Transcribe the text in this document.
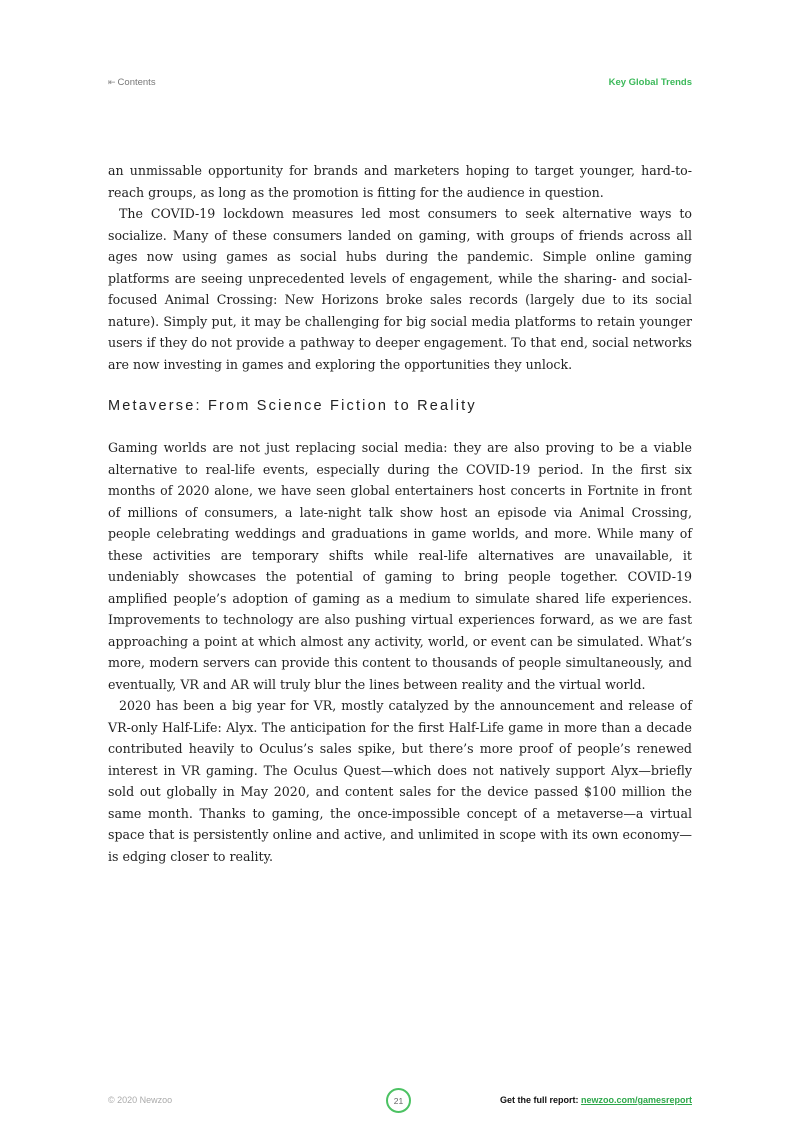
⇤ Contents	Key Global Trends

an unmissable opportunity for brands and marketers hoping to target younger, hard-to-reach groups, as long as the promotion is fitting for the audience in question.

The COVID-19 lockdown measures led most consumers to seek alternative ways to socialize. Many of these consumers landed on gaming, with groups of friends across all ages now using games as social hubs during the pandemic. Simple online gaming platforms are seeing unprecedented levels of engagement, while the sharing- and social-focused Animal Crossing: New Horizons broke sales records (largely due to its social nature). Simply put, it may be challenging for big social media platforms to retain younger users if they do not provide a pathway to deeper engagement. To that end, social networks are now investing in games and exploring the opportunities they unlock.

Metaverse: From Science Fiction to Reality

Gaming worlds are not just replacing social media: they are also proving to be a viable alternative to real-life events, especially during the COVID-19 period. In the first six months of 2020 alone, we have seen global entertainers host concerts in Fortnite in front of millions of consumers, a late-night talk show host an episode via Animal Crossing, people celebrating weddings and graduations in game worlds, and more. While many of these activities are temporary shifts while real-life alternatives are unavailable, it undeniably showcases the potential of gaming to bring people together. COVID-19 amplified people’s adoption of gaming as a medium to simulate shared life experiences. Improvements to technology are also pushing virtual experiences forward, as we are fast approaching a point at which almost any activity, world, or event can be simulated. What’s more, modern servers can provide this content to thousands of people simultaneously, and eventually, VR and AR will truly blur the lines between reality and the virtual world.

2020 has been a big year for VR, mostly catalyzed by the announcement and release of VR-only Half-Life: Alyx. The anticipation for the first Half-Life game in more than a decade contributed heavily to Oculus’s sales spike, but there’s more proof of people’s renewed interest in VR gaming. The Oculus Quest—which does not natively support Alyx—briefly sold out globally in May 2020, and content sales for the device passed $100 million the same month. Thanks to gaming, the once-impossible concept of a metaverse—a virtual space that is persistently online and active, and unlimited in scope with its own economy—is edging closer to reality.

© 2020 Newzoo	21	Get the full report: newzoo.com/gamesreport
